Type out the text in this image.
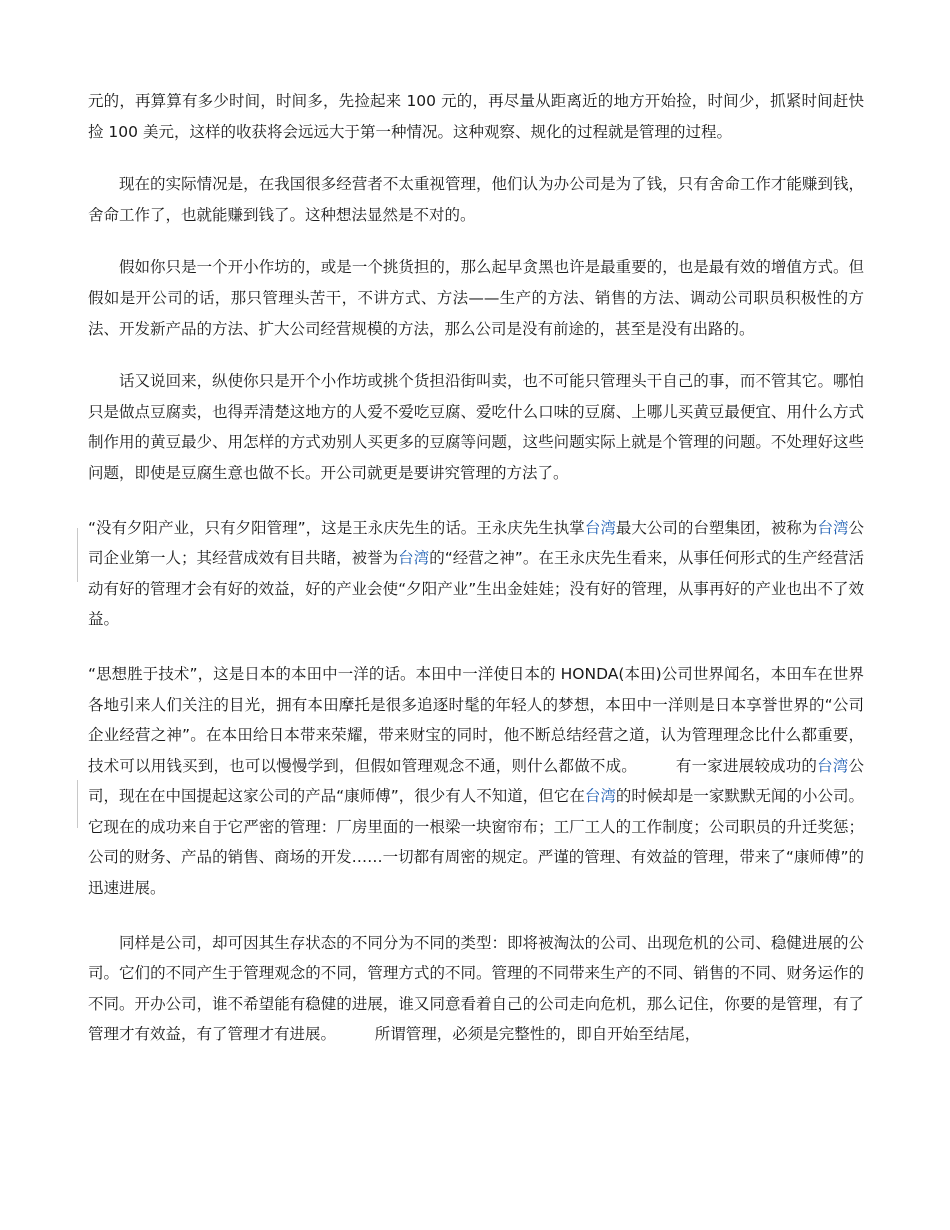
元的，再算算有多少时间，时间多，先捡起来 100 元的，再尽量从距离近的地方开始捡，时间少，抓紧时间赶快捡 100 美元，这样的收获将会远远大于第一种情况。这种观察、规化的过程就是管理的过程。

现在的实际情况是，在我国很多经营者不太重视管理，他们认为办公司是为了钱，只有舍命工作才能赚到钱，舍命工作了，也就能赚到钱了。这种想法显然是不对的。

假如你只是一个开小作坊的，或是一个挑货担的，那么起早贪黑也许是最重要的，也是最有效的增值方式。但假如是开公司的话，那只管理头苦干，不讲方式、方法——生产的方法、销售的方法、调动公司职员积极性的方法、开发新产品的方法、扩大公司经营规模的方法，那么公司是没有前途的，甚至是没有出路的。

话又说回来，纵使你只是开个小作坊或挑个货担沿街叫卖，也不可能只管理头干自己的事，而不管其它。哪怕只是做点豆腐卖，也得弄清楚这地方的人爱不爱吃豆腐、爱吃什么口味的豆腐、上哪儿买黄豆最便宜、用什么方式制作用的黄豆最少、用怎样的方式劝别人买更多的豆腐等问题，这些问题实际上就是个管理的问题。不处理好这些问题，即使是豆腐生意也做不长。开公司就更是要讲究管理的方法了。

“没有夕阳产业，只有夕阳管理”，这是王永庆先生的话。王永庆先生执掌台湾最大公司的台塑集团，被称为台湾公司企业第一人；其经营成效有目共睹，被誉为台湾的“经营之神”。在王永庆先生看来，从事任何形式的生产经营活动有好的管理才会有好的效益，好的产业会使“夕阳产业”生出金娃娃；没有好的管理，从事再好的产业也出不了效益。

“思想胜于技术”，这是日本的本田中一洋的话。本田中一洋使日本的 HONDA(本田)公司世界闻名，本田车在世界各地引来人们关注的目光，拥有本田摩托是很多追逐时髦的年轻人的梦想，本田中一洋则是日本享誉世界的“公司企业经营之神”。在本田给日本带来荣耀，带来财宝的同时，他不断总结经营之道，认为管理理念比什么都重要，技术可以用钱买到，也可以慢慢学到，但假如管理观念不通，则什么都做不成。	有一家进展较成功的台湾公司，现在在中国提起这家公司的产品“康师傅”，很少有人不知道，但它在台湾的时候却是一家默默无闻的小公司。它现在的成功来自于它严密的管理：厂房里面的一根梁一块窗帘布；工厂工人的工作制度；公司职员的升迁奖惩；公司的财务、产品的销售、商场的开发……一切都有周密的规定。严谨的管理、有效益的管理，带来了“康师傅”的迅速进展。

同样是公司，却可因其生存状态的不同分为不同的类型：即将被淘汰的公司、出现危机的公司、稳健进展的公司。它们的不同产生于管理观念的不同，管理方式的不同。管理的不同带来生产的不同、销售的不同、财务运作的不同。开办公司，谁不希望能有稳健的进展，谁又同意看着自己的公司走向危机，那么记住，你要的是管理，有了管理才有效益，有了管理才有进展。	所谓管理，必须是完整性的，即自开始至结尾，
